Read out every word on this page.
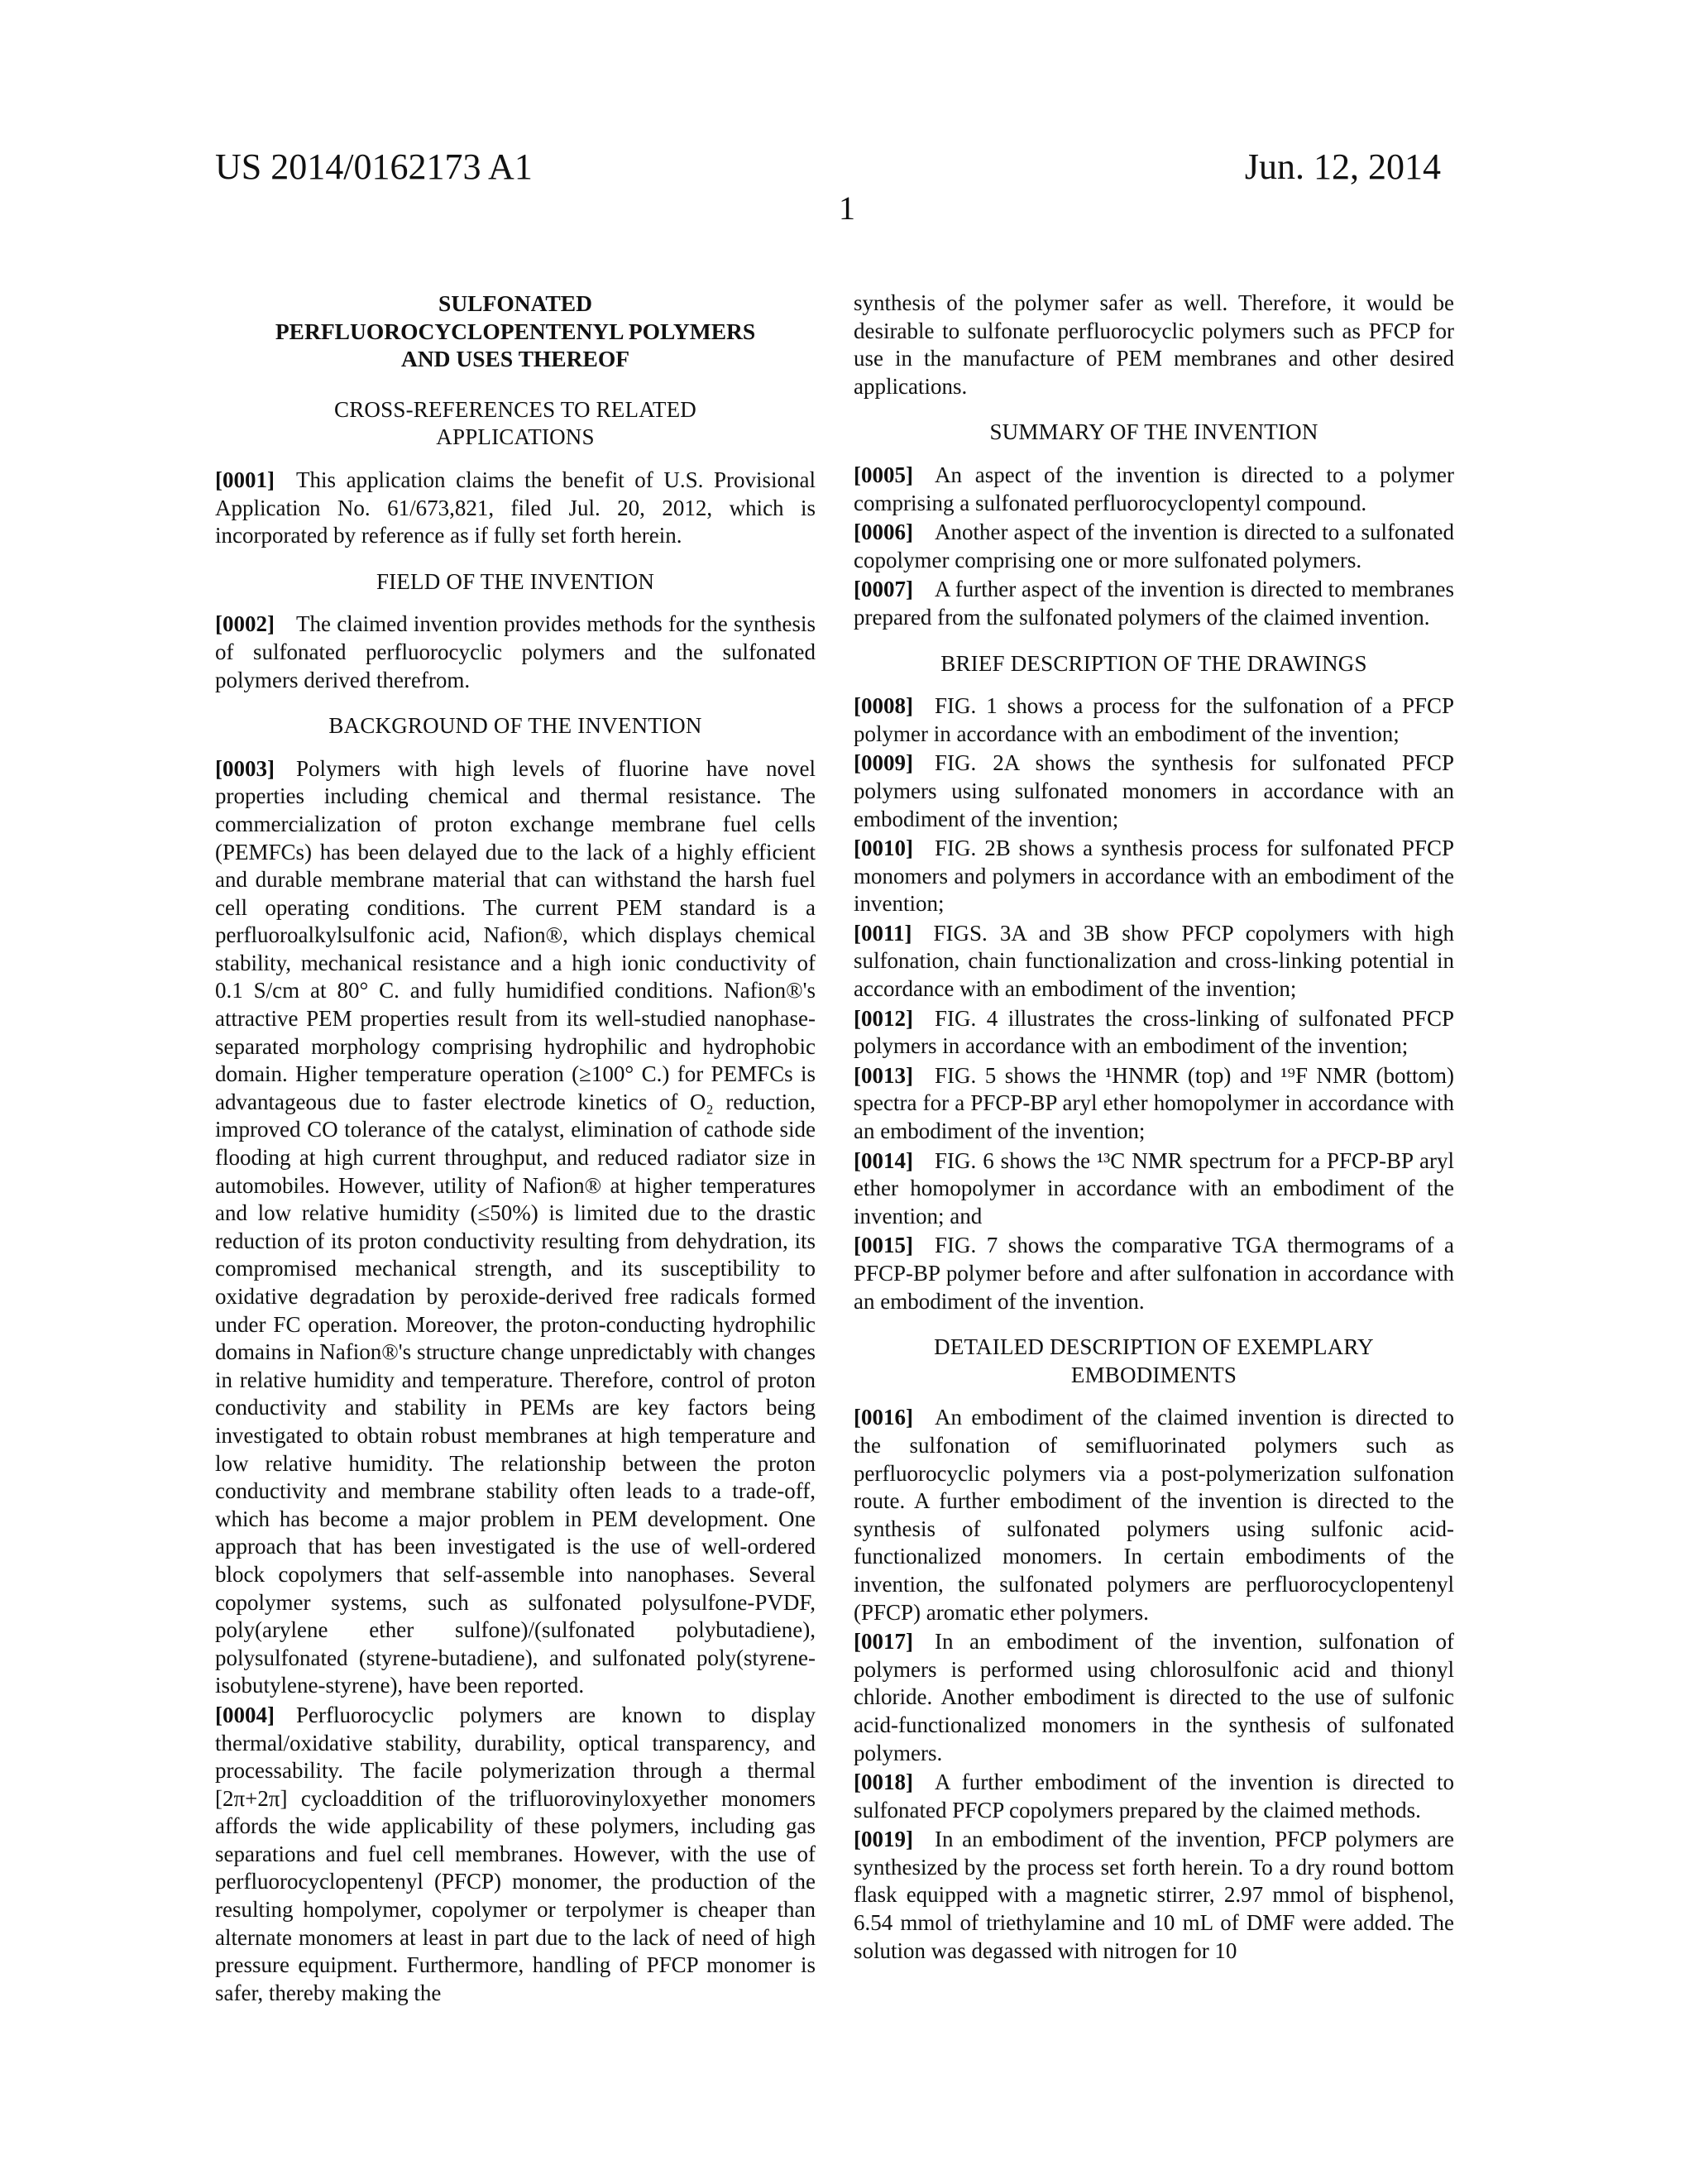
US 2014/0162173 A1	Jun. 12, 2014
1
SULFONATED
PERFLUOROCYCLOPENTENYL POLYMERS
AND USES THEREOF
CROSS-REFERENCES TO RELATED
APPLICATIONS

[0001] This application claims the benefit of U.S. Provisional Application No. 61/673,821, filed Jul. 20, 2012, which is incorporated by reference as if fully set forth herein.

FIELD OF THE INVENTION

[0002] The claimed invention provides methods for the synthesis of sulfonated perfluorocyclic polymers and the sulfonated polymers derived therefrom.

BACKGROUND OF THE INVENTION

[0003] Polymers with high levels of fluorine have novel properties including chemical and thermal resistance. The commercialization of proton exchange membrane fuel cells (PEMFCs) has been delayed due to the lack of a highly efficient and durable membrane material that can withstand the harsh fuel cell operating conditions. The current PEM standard is a perfluoroalkylsulfonic acid, Nafion®, which displays chemical stability, mechanical resistance and a high ionic conductivity of 0.1 S/cm at 80° C. and fully humidified conditions. Nafion®'s attractive PEM properties result from its well-studied nanophase-separated morphology comprising hydrophilic and hydrophobic domain. Higher temperature operation (≥100° C.) for PEMFCs is advantageous due to faster electrode kinetics of O₂ reduction, improved CO tolerance of the catalyst, elimination of cathode side flooding at high current throughput, and reduced radiator size in automobiles. However, utility of Nafion® at higher temperatures and low relative humidity (≤50%) is limited due to the drastic reduction of its proton conductivity resulting from dehydration, its compromised mechanical strength, and its susceptibility to oxidative degradation by peroxide-derived free radicals formed under FC operation. Moreover, the proton-conducting hydrophilic domains in Nafion®'s structure change unpredictably with changes in relative humidity and temperature. Therefore, control of proton conductivity and stability in PEMs are key factors being investigated to obtain robust membranes at high temperature and low relative humidity. The relationship between the proton conductivity and membrane stability often leads to a trade-off, which has become a major problem in PEM development. One approach that has been investigated is the use of well-ordered block copolymers that self-assemble into nanophases. Several copolymer systems, such as sulfonated polysulfone-PVDF, poly(arylene ether sulfone)/(sulfonated polybutadiene), polysulfonated (styrene-butadiene), and sulfonated poly(styrene-isobutylene-styrene), have been reported.

[0004] Perfluorocyclic polymers are known to display thermal/oxidative stability, durability, optical transparency, and processability. The facile polymerization through a thermal [2π+2π] cycloaddition of the trifluorovinyloxyether monomers affords the wide applicability of these polymers, including gas separations and fuel cell membranes. However, with the use of perfluorocyclopentenyl (PFCP) monomer, the production of the resulting hompolymer, copolymer or terpolymer is cheaper than alternate monomers at least in part due to the lack of need of high pressure equipment. Furthermore, handling of PFCP monomer is safer, thereby making the

synthesis of the polymer safer as well. Therefore, it would be desirable to sulfonate perfluorocyclic polymers such as PFCP for use in the manufacture of PEM membranes and other desired applications.

SUMMARY OF THE INVENTION

[0005] An aspect of the invention is directed to a polymer comprising a sulfonated perfluorocyclopentyl compound.

[0006] Another aspect of the invention is directed to a sulfonated copolymer comprising one or more sulfonated polymers.

[0007] A further aspect of the invention is directed to membranes prepared from the sulfonated polymers of the claimed invention.

BRIEF DESCRIPTION OF THE DRAWINGS

[0008] FIG. 1 shows a process for the sulfonation of a PFCP polymer in accordance with an embodiment of the invention;

[0009] FIG. 2A shows the synthesis for sulfonated PFCP polymers using sulfonated monomers in accordance with an embodiment of the invention;

[0010] FIG. 2B shows a synthesis process for sulfonated PFCP monomers and polymers in accordance with an embodiment of the invention;

[0011] FIGS. 3A and 3B show PFCP copolymers with high sulfonation, chain functionalization and cross-linking potential in accordance with an embodiment of the invention;

[0012] FIG. 4 illustrates the cross-linking of sulfonated PFCP polymers in accordance with an embodiment of the invention;

[0013] FIG. 5 shows the ¹HNMR (top) and ¹⁹F NMR (bottom) spectra for a PFCP-BP aryl ether homopolymer in accordance with an embodiment of the invention;

[0014] FIG. 6 shows the ¹³C NMR spectrum for a PFCP-BP aryl ether homopolymer in accordance with an embodiment of the invention; and

[0015] FIG. 7 shows the comparative TGA thermograms of a PFCP-BP polymer before and after sulfonation in accordance with an embodiment of the invention.

DETAILED DESCRIPTION OF EXEMPLARY
EMBODIMENTS

[0016] An embodiment of the claimed invention is directed to the sulfonation of semifluorinated polymers such as perfluorocyclic polymers via a post-polymerization sulfonation route. A further embodiment of the invention is directed to the synthesis of sulfonated polymers using sulfonic acid-functionalized monomers. In certain embodiments of the invention, the sulfonated polymers are perfluorocyclopentenyl (PFCP) aromatic ether polymers.

[0017] In an embodiment of the invention, sulfonation of polymers is performed using chlorosulfonic acid and thionyl chloride. Another embodiment is directed to the use of sulfonic acid-functionalized monomers in the synthesis of sulfonated polymers.

[0018] A further embodiment of the invention is directed to sulfonated PFCP copolymers prepared by the claimed methods.

[0019] In an embodiment of the invention, PFCP polymers are synthesized by the process set forth herein. To a dry round bottom flask equipped with a magnetic stirrer, 2.97 mmol of bisphenol, 6.54 mmol of triethylamine and 10 mL of DMF were added. The solution was degassed with nitrogen for 10
